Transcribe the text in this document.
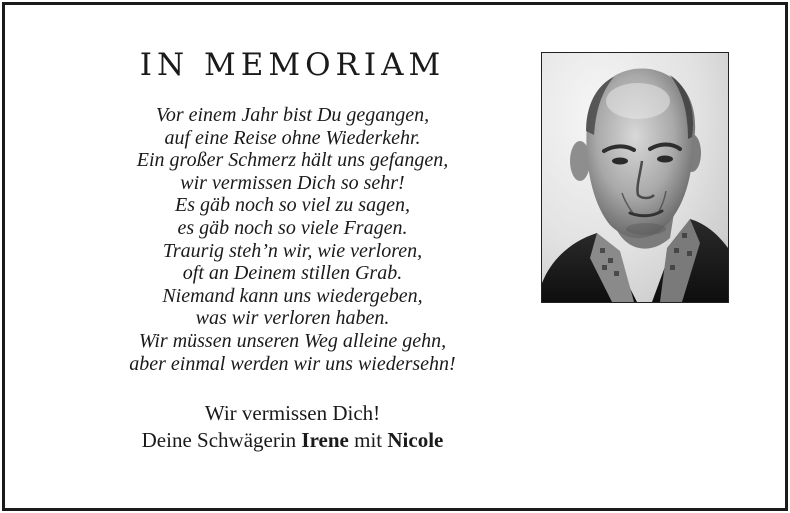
IN MEMORIAM
Vor einem Jahr bist Du gegangen,
auf eine Reise ohne Wiederkehr.
Ein großer Schmerz hält uns gefangen,
wir vermissen Dich so sehr!
Es gäb noch so viel zu sagen,
es gäb noch so viele Fragen.
Traurig steh’n wir, wie verloren,
oft an Deinem stillen Grab.
Niemand kann uns wiedergeben,
was wir verloren haben.
Wir müssen unseren Weg alleine gehn,
aber einmal werden wir uns wiedersehn!
Wir vermissen Dich!
Deine Schwägerin Irene mit Nicole
